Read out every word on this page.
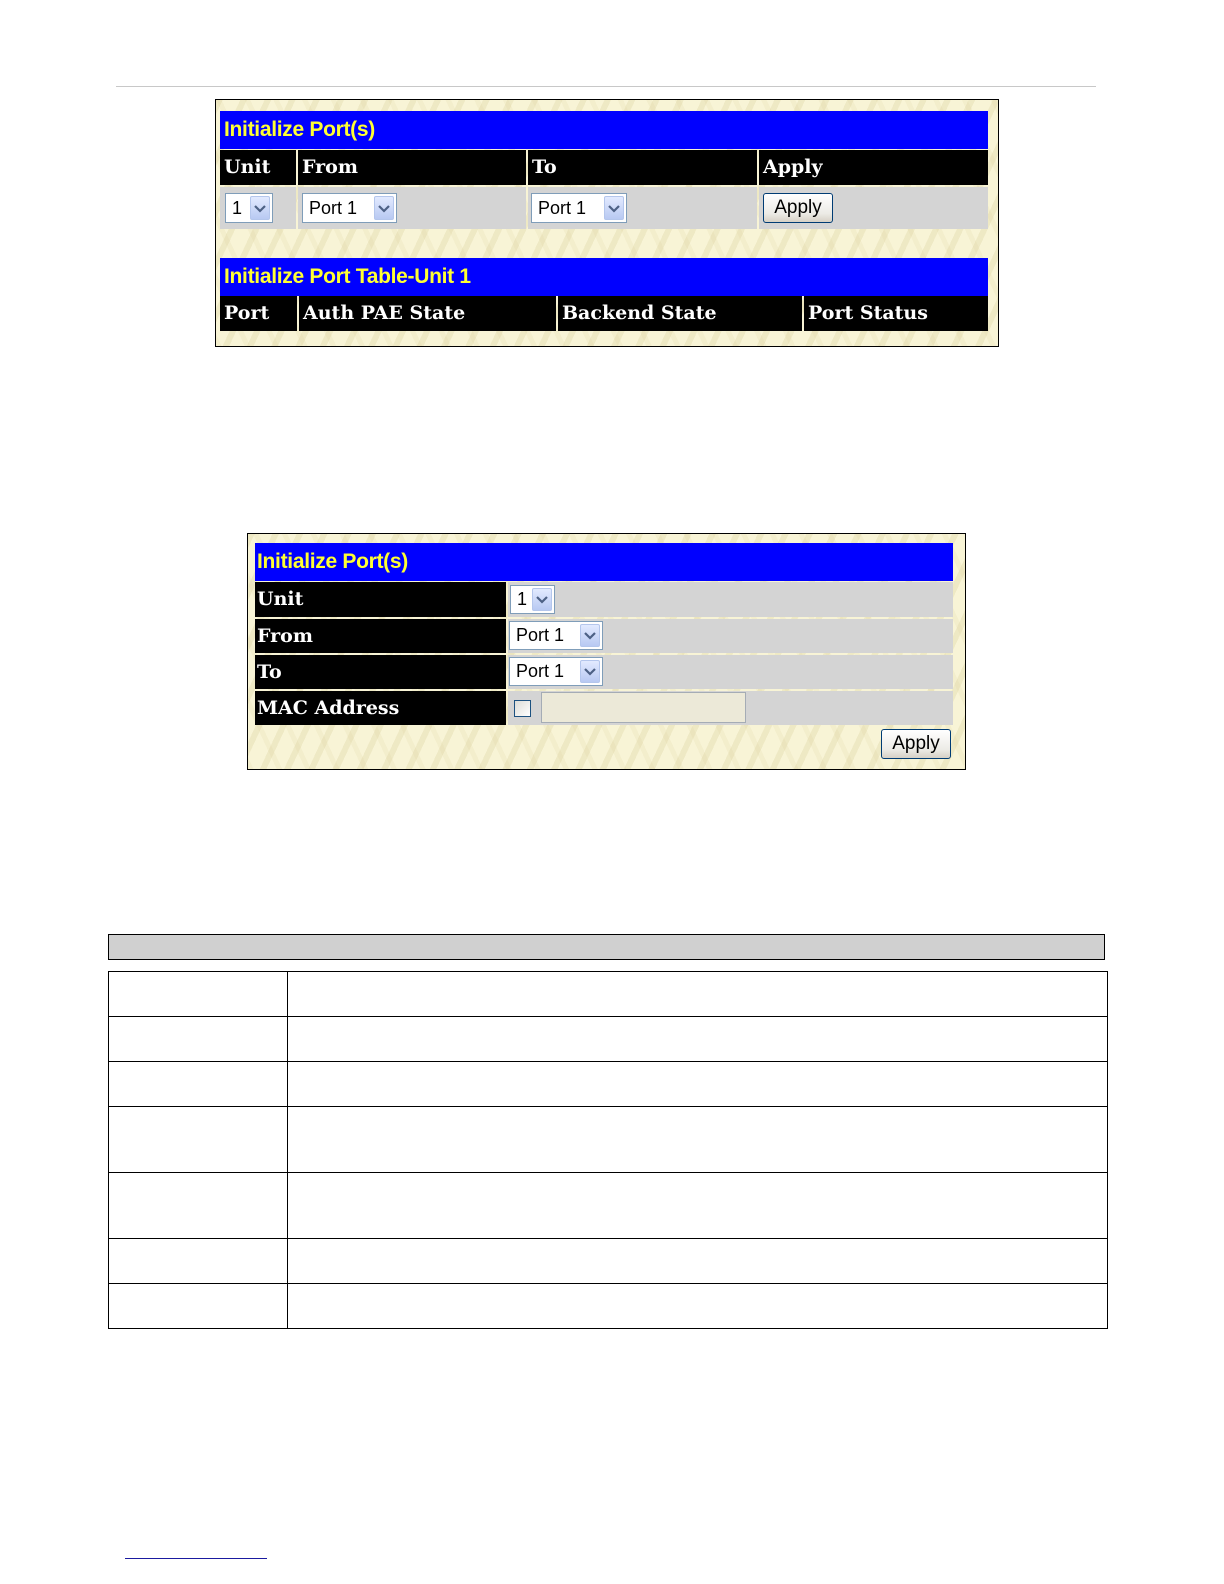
Initialize Port(s)
Unit	From	To	Apply
1	Port 1	Port 1	Apply
Initialize Port Table-Unit 1
Port	Auth PAE State	Backend State	Port Status
Initialize Port(s)
Unit	1
From	Port 1
To	Port 1
MAC Address
Apply
